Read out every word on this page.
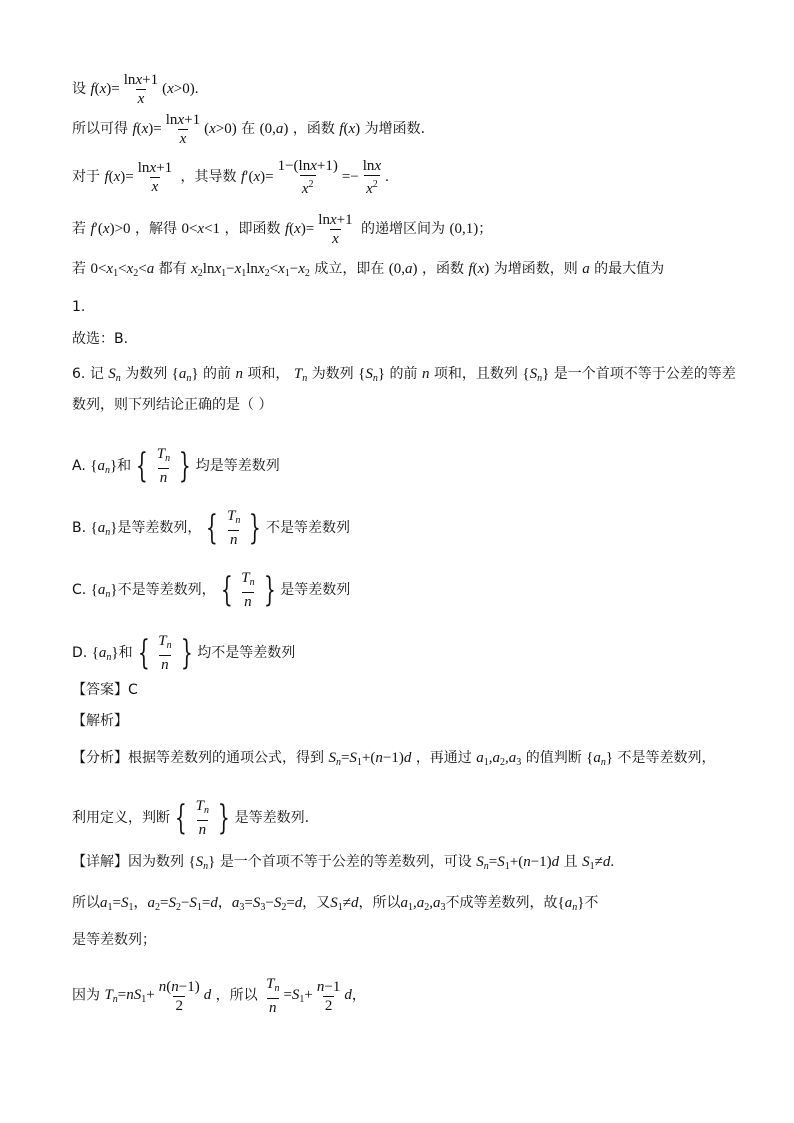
设 $f(x)= \frac{\ln x+1}{x} (x>0)$.
所以可得 $f(x)= \frac{\ln x+1}{x} (x>0)$ 在 (0,a) ，函数 f(x) 为增函数.
对于 $f(x)= \frac{\ln x+1}{x}$ ，其导数 $f'(x)= \frac{1-(\ln x+1)}{x^2} =- \frac{\ln x}{x^2}$ .
若 f′(x)>0 ，解得 0<x<1 ，即函数 $f(x)= \frac{\ln x+1}{x}$ 的递增区间为 (0,1)；
若 $0<x_1<x_2<a$ 都有 $x_2\ln x_1-x_1\ln x_2<x_1-x_2$ 成立，即在 (0,a) ，函数 f(x) 为增函数，则 a 的最大值为
1.
故选：B.
6. 记 $S_n$ 为数列 $\{a_n\}$ 的前 n 项和， $T_n$ 为数列 $\{S_n\}$ 的前 n 项和，且数列 $\{S_n\}$ 是一个首项不等于公差的等差
数列，则下列结论正确的是（ ）
A. $\{a_n\}$和 { $\frac{T_n}{n}$ } 均是等差数列
B. $\{a_n\}$是等差数列， { $\frac{T_n}{n}$ } 不是等差数列
C. $\{a_n\}$不是等差数列， { $\frac{T_n}{n}$ } 是等差数列
D. $\{a_n\}$和 { $\frac{T_n}{n}$ } 均不是等差数列
【答案】C
【解析】
【分析】根据等差数列的通项公式，得到 $S_n=S_1+(n-1)d$ ，再通过 $a_1,a_2,a_3$ 的值判断 $\{a_n\}$ 不是等差数列，
利用定义，判断 { $\frac{T_n}{n}$ } 是等差数列.
【详解】因为数列 $\{S_n\}$ 是一个首项不等于公差的等差数列，可设 $S_n=S_1+(n-1)d$ 且 $S_1\ne d$.
所以$a_1=S_1$，$a_2=S_2-S_1=d$，$a_3=S_3-S_2=d$，又$S_1\ne d$，所以$a_1,a_2,a_3$不成等差数列，故$\{a_n\}$不
是等差数列；
因为 $T_n=nS_1+ \frac{n(n-1)}{2}$ d ，所以 $\frac{T_n}{n} =S_1+ \frac{n-1}{2}$ d，
